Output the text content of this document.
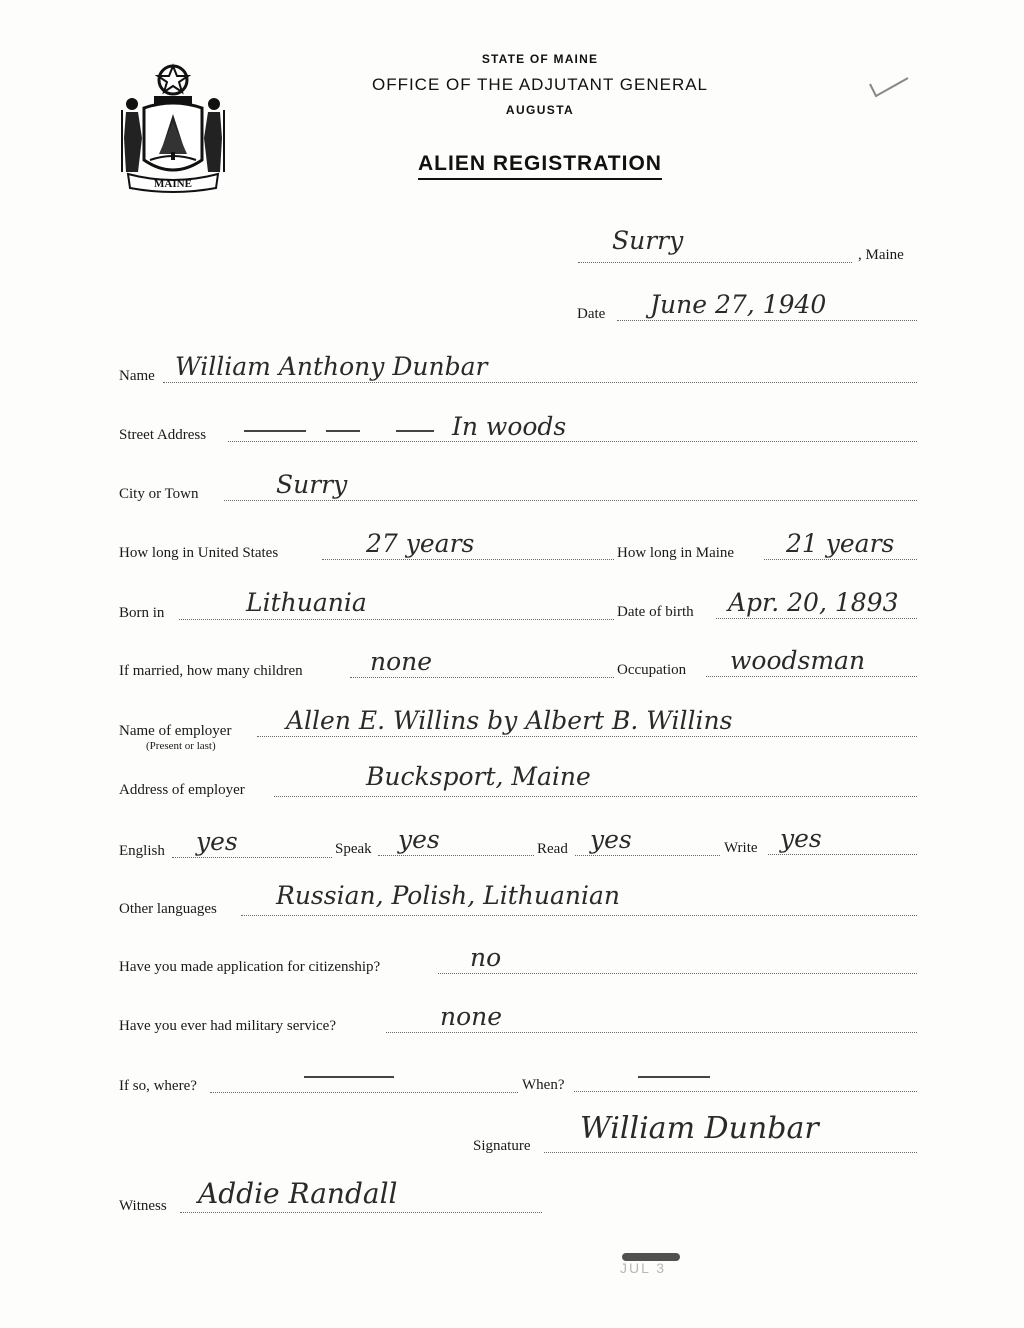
STATE OF MAINE
OFFICE OF THE ADJUTANT GENERAL
AUGUSTA
ALIEN REGISTRATION
MAINE
Surry	, Maine
Date June 27, 1940
Name William Anthony Dunbar
Street Address	In woods
City or Town	Surry
How long in United States	27 years	How long in Maine 21 years
Born in	Lithuania	Date of birth Apr. 20, 1893
If married, how many children	none	Occupation woodsman
Name of employer
(Present or last)
Allen E. Willins by Albert B. Willins
Address of employer	Bucksport, Maine
English yes	Speak yes	Read yes	Write yes
Other languages Russian, Polish, Lithuanian
Have you made application for citizenship?	no
Have you ever had military service?	none
If so, where?	When?
Signature William Dunbar
Witness Addie Randall
JUL 3
